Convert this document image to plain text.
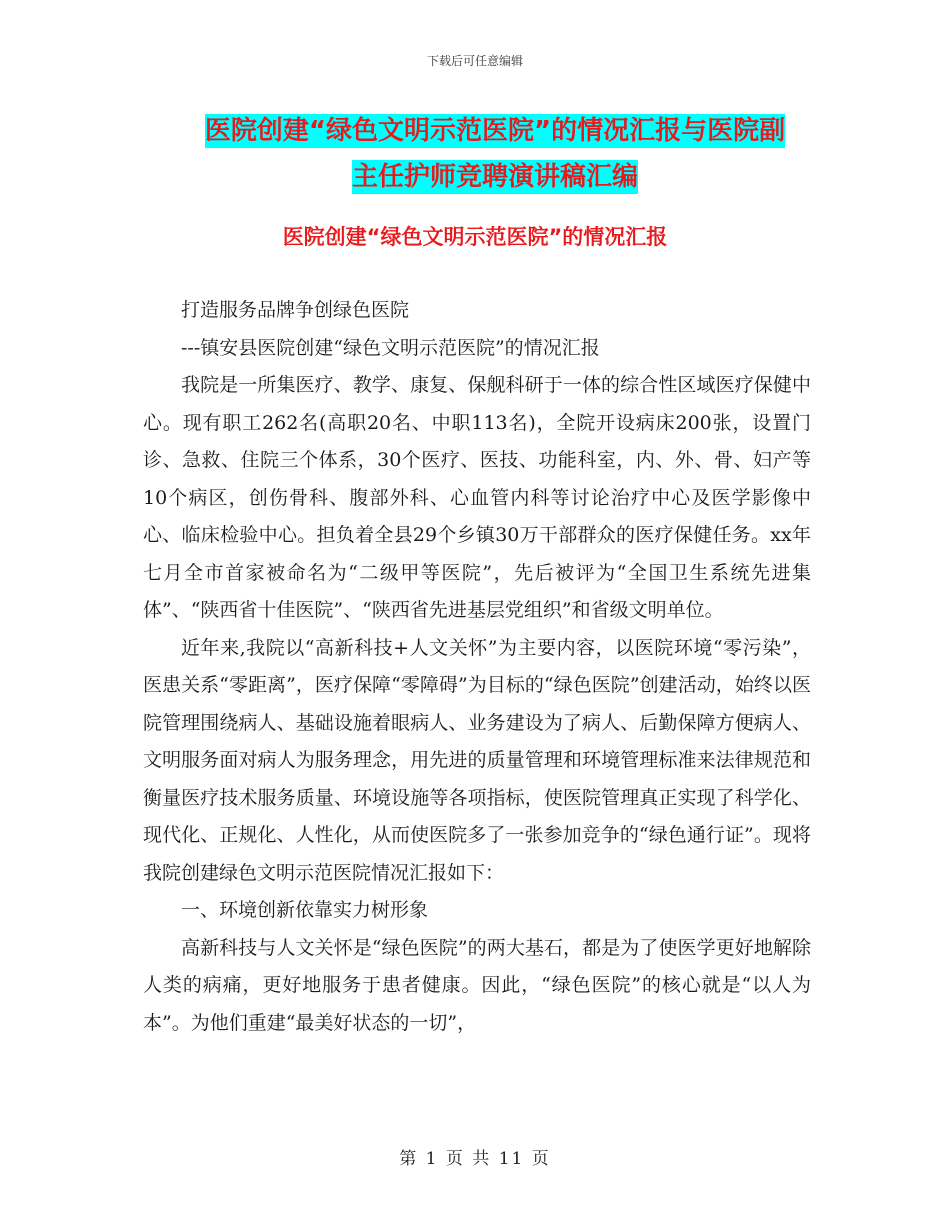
下载后可任意编辑
医院创建“绿色文明示范医院”的情况汇报与医院副
主任护师竞聘演讲稿汇编
医院创建“绿色文明示范医院”的情况汇报

打造服务品牌争创绿色医院

---镇安县医院创建“绿色文明示范医院”的情况汇报

我院是一所集医疗、教学、康复、保舰科研于一体的综合性区域医疗保健中心。现有职工262名(高职20名、中职113名)，全院开设病床200张，设置门诊、急救、住院三个体系，30个医疗、医技、功能科室，内、外、骨、妇产等10个病区，创伤骨科、腹部外科、心血管内科等讨论治疗中心及医学影像中心、临床检验中心。担负着全县29个乡镇30万干部群众的医疗保健任务。xx年七月全市首家被命名为“二级甲等医院”，先后被评为“全国卫生系统先进集体”、“陕西省十佳医院”、“陕西省先进基层党组织”和省级文明单位。

近年来,我院以“高新科技+人文关怀”为主要内容，以医院环境“零污染”，医患关系“零距离”，医疗保障“零障碍”为目标的“绿色医院”创建活动，始终以医院管理围绕病人、基础设施着眼病人、业务建设为了病人、后勤保障方便病人、文明服务面对病人为服务理念，用先进的质量管理和环境管理标准来法律规范和衡量医疗技术服务质量、环境设施等各项指标，使医院管理真正实现了科学化、现代化、正规化、人性化，从而使医院多了一张参加竞争的“绿色通行证”。现将我院创建绿色文明示范医院情况汇报如下：

一、环境创新依靠实力树形象

高新科技与人文关怀是“绿色医院”的两大基石，都是为了使医学更好地解除人类的病痛，更好地服务于患者健康。因此，“绿色医院”的核心就是“以人为本”。为他们重建“最美好状态的一切”，

第 1 页 共 11 页
